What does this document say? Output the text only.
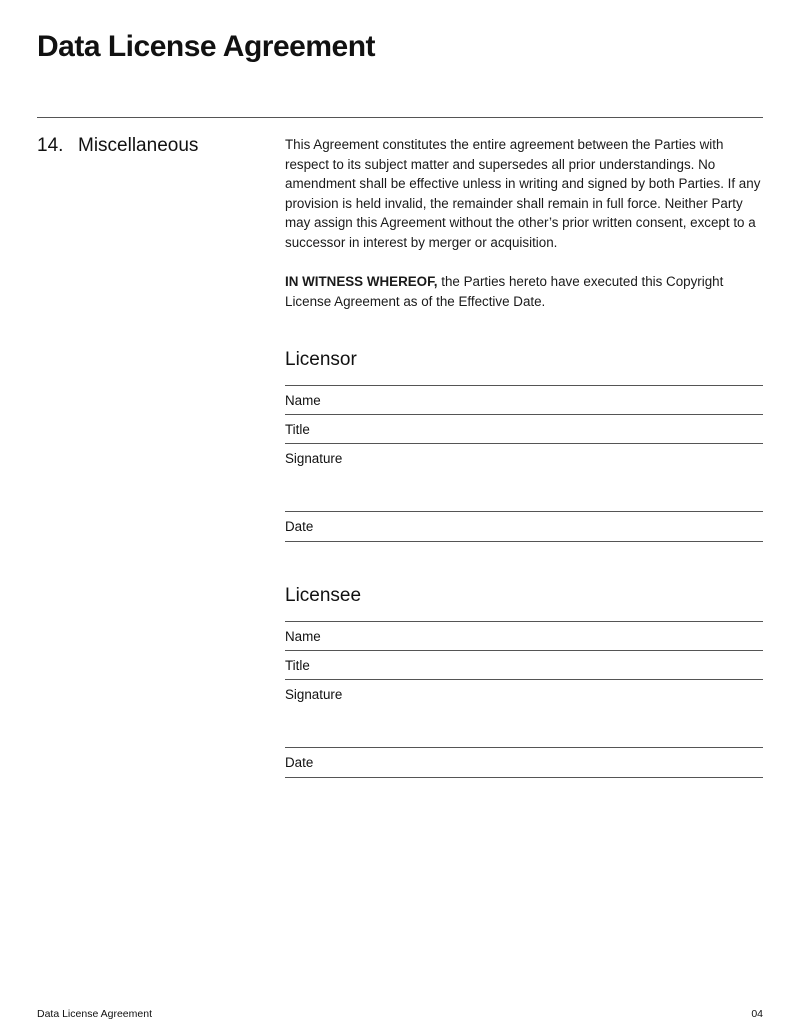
Data License Agreement
14. Miscellaneous	This Agreement constitutes the entire agreement between the Parties with respect to its subject matter and supersedes all prior understandings. No amendment shall be effective unless in writing and signed by both Parties. If any provision is held invalid, the remainder shall remain in full force. Neither Party may assign this Agreement without the other’s prior written consent, except to a successor in interest by merger or acquisition.

IN WITNESS WHEREOF, the Parties hereto have executed this Copyright License Agreement as of the Effective Date.

Licensor
Name
Title
Signature
Date
Licensee
Name
Title
Signature
Date
Data License Agreement	04
